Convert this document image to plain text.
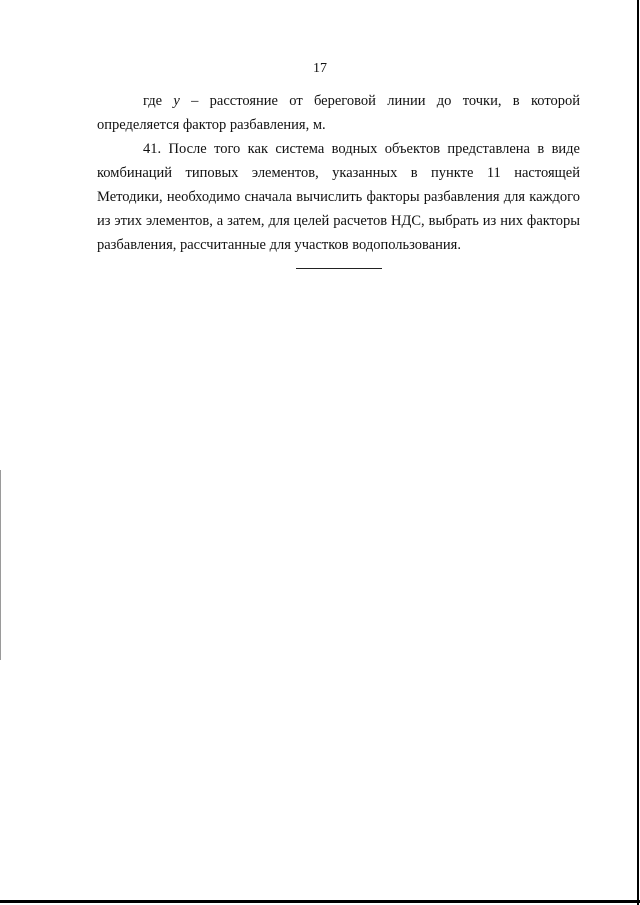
17
где y – расстояние от береговой линии до точки, в которой определяется фактор разбавления, м.

41. После того как система водных объектов представлена в виде комбинаций типовых элементов, указанных в пункте 11 настоящей Методики, необходимо сначала вычислить факторы разбавления для каждого из этих элементов, а затем, для целей расчетов НДС, выбрать из них факторы разбавления, рассчитанные для участков водопользования.
